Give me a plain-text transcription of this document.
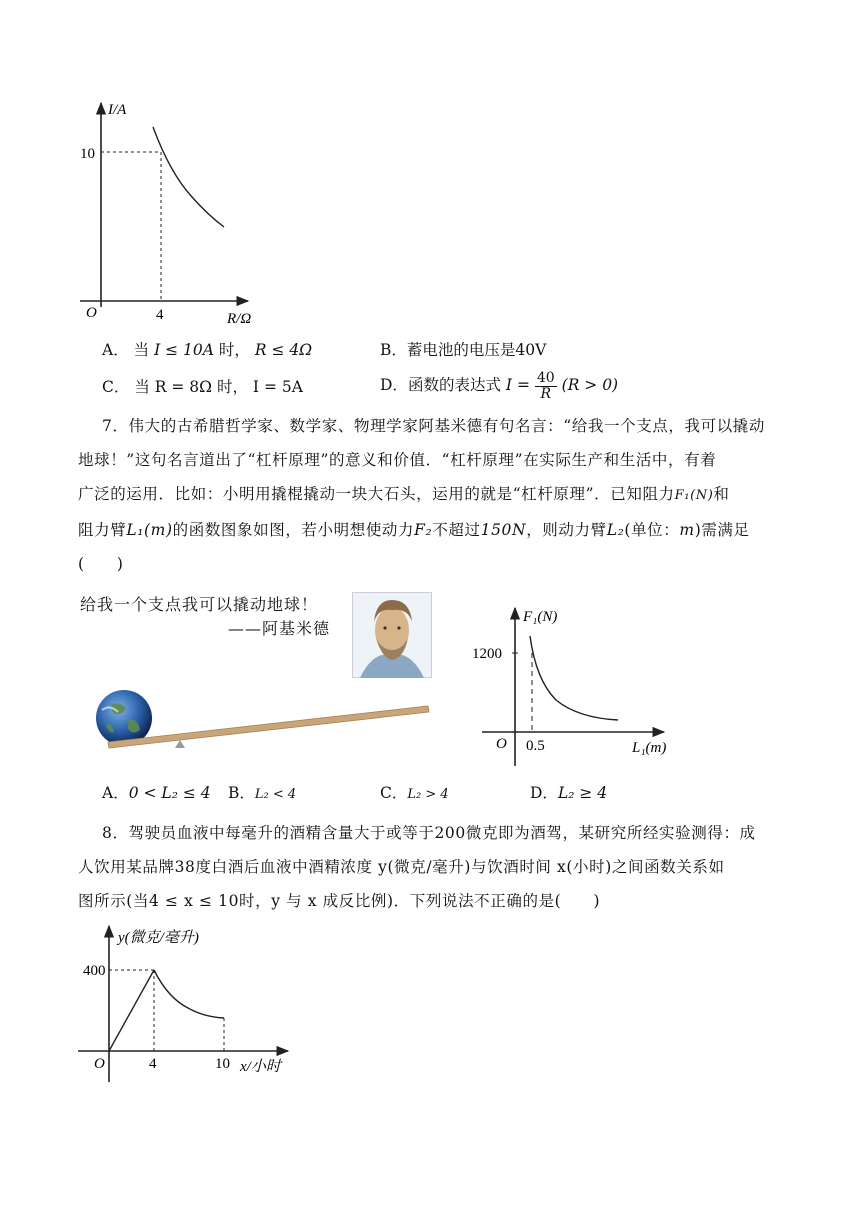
I/A
R/Ω
O
10
4
A． 当 I ≤ 10A 时， R ≤ 4Ω	B．蓄电池的电压是40V
C． 当 R = 8Ω 时， I = 5A	D．函数的表达式 $I = \frac{40}{R} (R > 0)$
7．伟大的古希腊哲学家、数学家、物理学家阿基米德有句名言：“给我一个支点，我可以撬动
地球！”这句名言道出了“杠杆原理”的意义和价值．“杠杆原理”在实际生产和生活中，有着
广泛的运用．比如：小明用撬棍撬动一块大石头，运用的就是“杠杆原理”．已知阻力F₁(N)和
阻力臂L₁(m)的函数图象如图，若小明想使动力F₂不超过150N，则动力臂L₂(单位：m)需满足
(　　)
给我一个支点我可以撬动地球！
——阿基米德
F₁(N)
L₁(m)
O
1200
0.5
A．0 < L₂ ≤ 4 B．L₂ < 4	C．L₂ > 4	D．L₂ ≥ 4
8．驾驶员血液中每毫升的酒精含量大于或等于200微克即为酒驾，某研究所经实验测得：成
人饮用某品牌38度白酒后血液中酒精浓度 y(微克/毫升)与饮酒时间 x(小时)之间函数关系如
图所示(当4 ≤ x ≤ 10时，y 与 x 成反比例)．下列说法不正确的是(　　)
y(微克/毫升)
x/小时
O
400
4	10
